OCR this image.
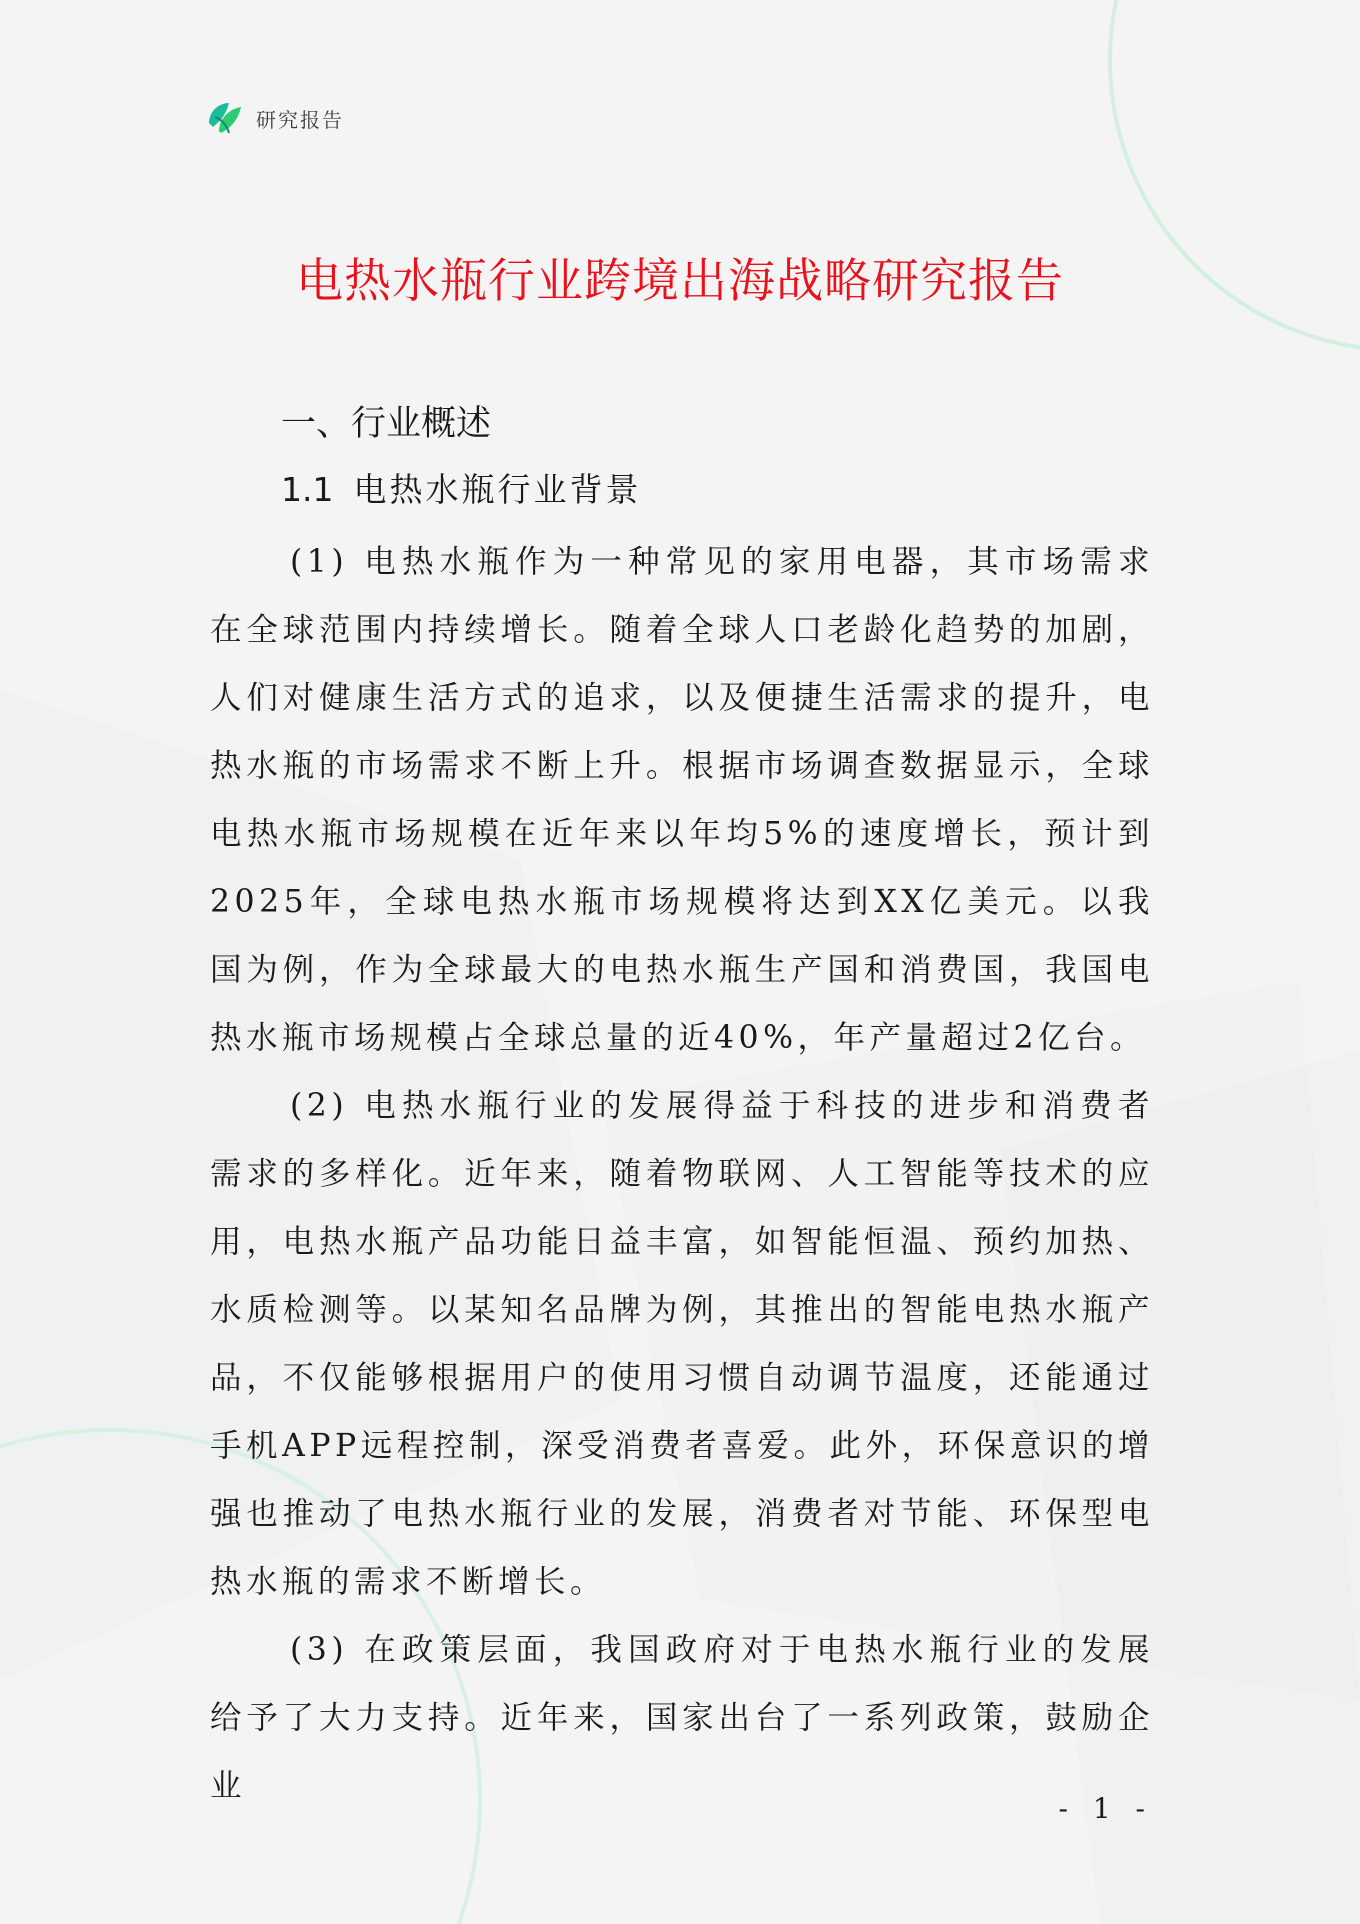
研究报告
电热水瓶行业跨境出海战略研究报告
一、行业概述
1.1 电热水瓶行业背景

(1) 电热水瓶作为一种常见的家用电器，其市场需求在全球范围内持续增长。随着全球人口老龄化趋势的加剧，人们对健康生活方式的追求，以及便捷生活需求的提升，电热水瓶的市场需求不断上升。根据市场调查数据显示，全球电热水瓶市场规模在近年来以年均5%的速度增长，预计到2025年，全球电热水瓶市场规模将达到XX亿美元。以我国为例，作为全球最大的电热水瓶生产国和消费国，我国电热水瓶市场规模占全球总量的近40%，年产量超过2亿台。

(2) 电热水瓶行业的发展得益于科技的进步和消费者需求的多样化。近年来，随着物联网、人工智能等技术的应用，电热水瓶产品功能日益丰富，如智能恒温、预约加热、水质检测等。以某知名品牌为例，其推出的智能电热水瓶产品，不仅能够根据用户的使用习惯自动调节温度，还能通过手机APP远程控制，深受消费者喜爱。此外，环保意识的增强也推动了电热水瓶行业的发展，消费者对节能、环保型电热水瓶的需求不断增长。

(3) 在政策层面，我国政府对于电热水瓶行业的发展给予了大力支持。近年来，国家出台了一系列政策，鼓励企业

- 1 -
